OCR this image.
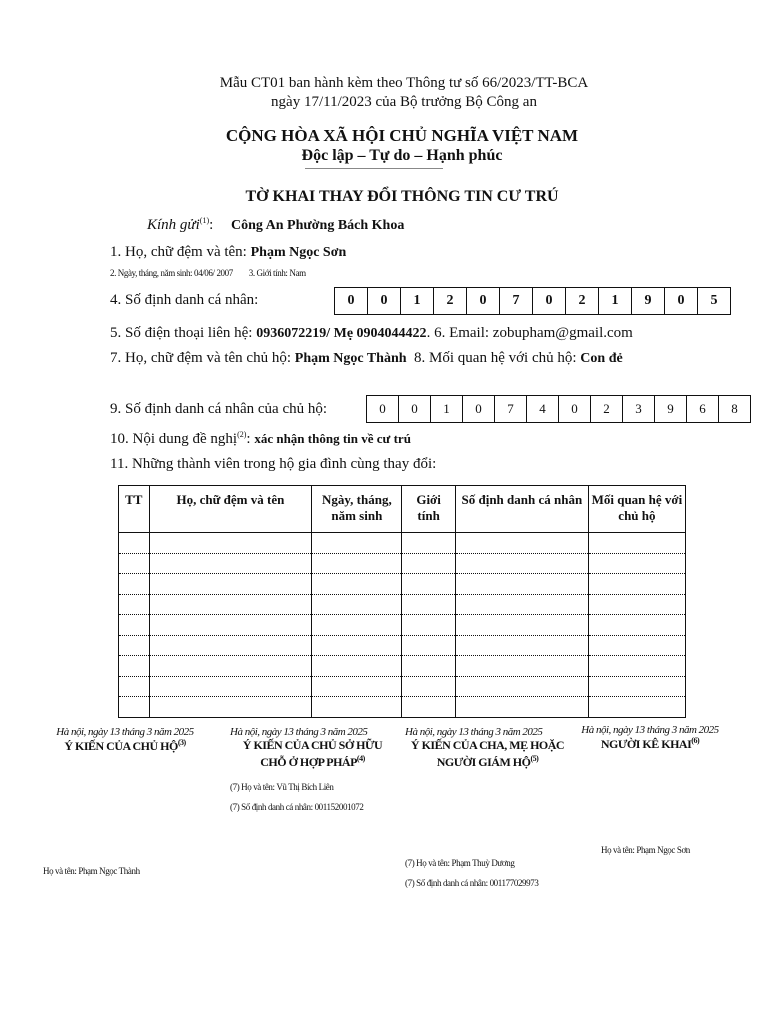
Mẫu CT01 ban hành kèm theo Thông tư số 66/2023/TT-BCA
ngày 17/11/2023 của Bộ trưởng Bộ Công an
CỘNG HÒA XÃ HỘI CHỦ NGHĨA VIỆT NAM
Độc lập – Tự do – Hạnh phúc
TỜ KHAI THAY ĐỔI THÔNG TIN CƯ TRÚ
Kính gửi$^{(1)}$: Công An Phường Bách Khoa
1. Họ, chữ đệm và tên: Phạm Ngọc Sơn
2. Ngày, tháng, năm sinh: 04/06/ 2007 3. Giới tính: Nam
4. Số định danh cá nhân:	0	0	1	2	0	7	0	2	1	9	0	5
5. Số điện thoại liên hệ: 0936072219/ Mẹ 0904044422. 6. Email: zobupham@gmail.com
7. Họ, chữ đệm và tên chủ hộ: Phạm Ngọc Thành 8. Mối quan hệ với chủ hộ: Con đẻ
9. Số định danh cá nhân của chủ hộ:	0	0	1	0	7	4	0	2	3	9	6	8
10. Nội dung đề nghị$^{(2)}$: xác nhận thông tin về cư trú
11. Những thành viên trong hộ gia đình cùng thay đổi:
TT	Họ, chữ đệm và tên	Ngày, tháng, năm sinh	Giới tính	Số định danh cá nhân	Mối quan hệ với chủ hộ

Hà nội, ngày 13 tháng 3 năm 2025
Ý KIẾN CỦA CHỦ HỘ$^{(3)}$
Họ và tên: Phạm Ngọc Thành
Hà nội, ngày 13 tháng 3 năm 2025
Ý KIẾN CỦA CHỦ SỞ HỮU CHỖ Ở HỢP PHÁP$^{(4)}$
(7) Họ và tên: Vũ Thị Bích Liên
(7) Số định danh cá nhân: 001152001072
Hà nội, ngày 13 tháng 3 năm 2025
Ý KIẾN CỦA CHA, MẸ HOẶC NGƯỜI GIÁM HỘ$^{(5)}$
(7) Họ và tên: Phạm Thuỳ Dương
(7) Số định danh cá nhân: 001177029973
Hà nội, ngày 13 tháng 3 năm 2025
NGƯỜI KÊ KHAI$^{(6)}$
Họ và tên: Phạm Ngọc Sơn
